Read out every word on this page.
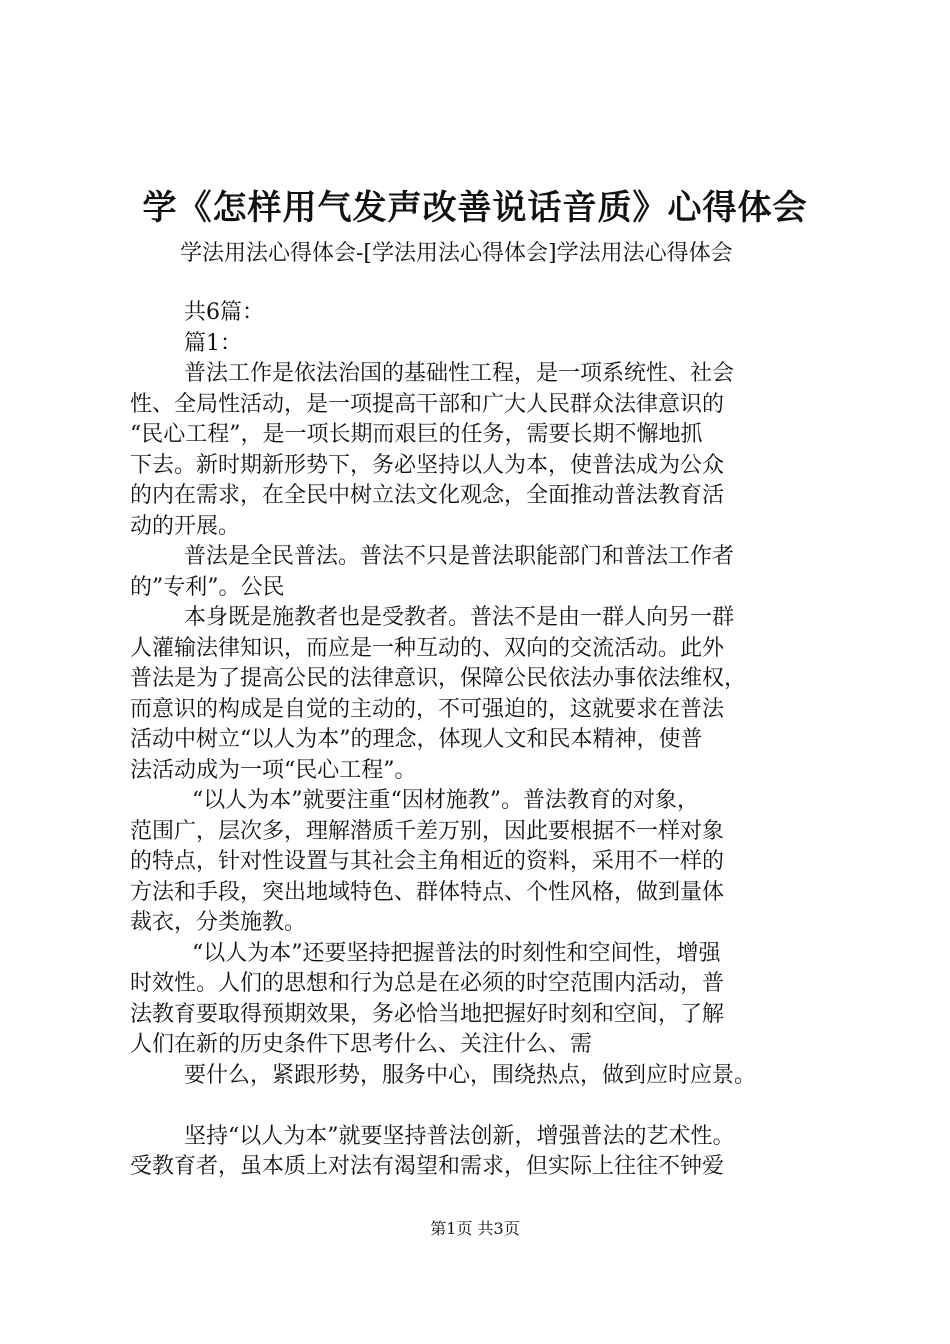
学《怎样用气发声改善说话音质》心得体会
学法用法心得体会-[学法用法心得体会]学法用法心得体会
共6篇：
篇1：
普法工作是依法治国的基础性工程，是一项系统性、社会
性、全局性活动，是一项提高干部和广大人民群众法律意识的
“民心工程”，是一项长期而艰巨的任务，需要长期不懈地抓
下去。新时期新形势下，务必坚持以人为本，使普法成为公众
的内在需求，在全民中树立法文化观念，全面推动普法教育活
动的开展。
普法是全民普法。普法不只是普法职能部门和普法工作者
的”专利”。公民
本身既是施教者也是受教者。普法不是由一群人向另一群
人灌输法律知识，而应是一种互动的、双向的交流活动。此外
普法是为了提高公民的法律意识，保障公民依法办事依法维权，
而意识的构成是自觉的主动的，不可强迫的，这就要求在普法
活动中树立“以人为本”的理念，体现人文和民本精神，使普
法活动成为一项“民心工程”。
“以人为本”就要注重“因材施教”。普法教育的对象，
范围广，层次多，理解潜质千差万别，因此要根据不一样对象
的特点，针对性设置与其社会主角相近的资料，采用不一样的
方法和手段，突出地域特色、群体特点、个性风格，做到量体
裁衣，分类施教。
“以人为本”还要坚持把握普法的时刻性和空间性，增强
时效性。人们的思想和行为总是在必须的时空范围内活动，普
法教育要取得预期效果，务必恰当地把握好时刻和空间，了解
人们在新的历史条件下思考什么、关注什么、需
要什么，紧跟形势，服务中心，围绕热点，做到应时应景。
坚持“以人为本”就要坚持普法创新，增强普法的艺术性。
受教育者，虽本质上对法有渴望和需求，但实际上往往不钟爱
第1页 共3页
